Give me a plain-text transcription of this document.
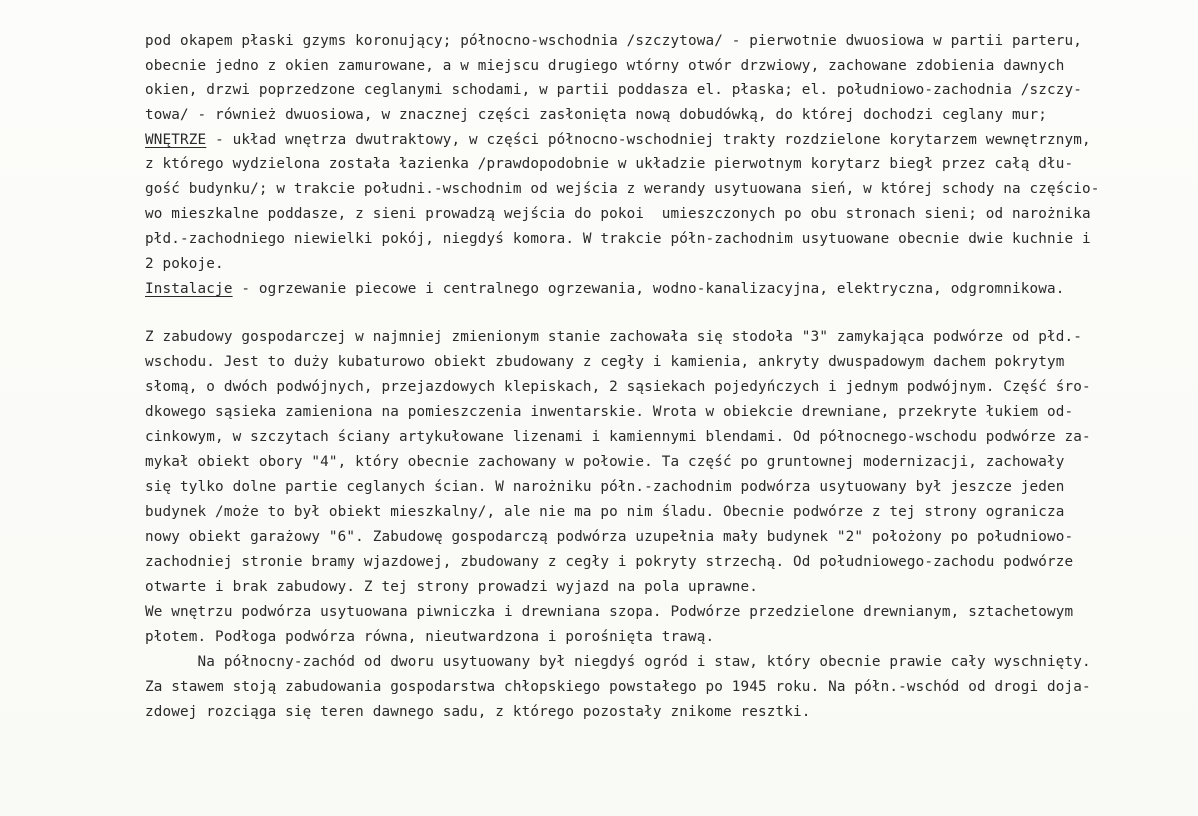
pod okapem płaski gzyms koronujący; północno-wschodnia /szczytowa/ - pierwotnie dwuosiowa w partii parteru,
obecnie jedno z okien zamurowane, a w miejscu drugiego wtórny otwór drzwiowy, zachowane zdobienia dawnych
okien, drzwi poprzedzone ceglanymi schodami, w partii poddasza el. płaska; el. południowo-zachodnia /szczy-
towa/ - również dwuosiowa, w znacznej części zasłonięta nową dobudówką, do której dochodzi ceglany mur;
WNĘTRZE - układ wnętrza dwutraktowy, w części północno-wschodniej trakty rozdzielone korytarzem wewnętrznym,
z którego wydzielona została łazienka /prawdopodobnie w układzie pierwotnym korytarz biegł przez całą dłu-
gość budynku/; w trakcie południ.-wschodnim od wejścia z werandy usytuowana sień, w której schody na częścio-
wo mieszkalne poddasze, z sieni prowadzą wejścia do pokoi  umieszczonych po obu stronach sieni; od narożnika
płd.-zachodniego niewielki pokój, niegdyś komora. W trakcie półn-zachodnim usytuowane obecnie dwie kuchnie i
2 pokoje.
Instalacje - ogrzewanie piecowe i centralnego ogrzewania, wodno-kanalizacyjna, elektryczna, odgromnikowa.
Z zabudowy gospodarczej w najmniej zmienionym stanie zachowała się stodoła "3" zamykająca podwórze od płd.-
wschodu. Jest to duży kubaturowo obiekt zbudowany z cegły i kamienia, ankryty dwuspadowym dachem pokrytym
słomą, o dwóch podwójnych, przejazdowych klepiskach, 2 sąsiekach pojedyńczych i jednym podwójnym. Część śro-
dkowego sąsieka zamieniona na pomieszczenia inwentarskie. Wrota w obiekcie drewniane, przekryte łukiem od-
cinkowym, w szczytach ściany artykułowane lizenami i kamiennymi blendami. Od północnego-wschodu podwórze za-
mykał obiekt obory "4", który obecnie zachowany w połowie. Ta część po gruntownej modernizacji, zachowały
się tylko dolne partie ceglanych ścian. W narożniku półn.-zachodnim podwórza usytuowany był jeszcze jeden
budynek /może to był obiekt mieszkalny/, ale nie ma po nim śladu. Obecnie podwórze z tej strony ogranicza
nowy obiekt garażowy "6". Zabudowę gospodarczą podwórza uzupełnia mały budynek "2" położony po południowo-
zachodniej stronie bramy wjazdowej, zbudowany z cegły i pokryty strzechą. Od południowego-zachodu podwórze
otwarte i brak zabudowy. Z tej strony prowadzi wyjazd na pola uprawne.
We wnętrzu podwórza usytuowana piwniczka i drewniana szopa. Podwórze przedzielone drewnianym, sztachetowym
płotem. Podłoga podwórza równa, nieutwardzona i porośnięta trawą.
Na północny-zachód od dworu usytuowany był niegdyś ogród i staw, który obecnie prawie cały wyschnięty.
Za stawem stoją zabudowania gospodarstwa chłopskiego powstałego po 1945 roku. Na półn.-wschód od drogi doja-
zdowej rozciąga się teren dawnego sadu, z którego pozostały znikome resztki.
